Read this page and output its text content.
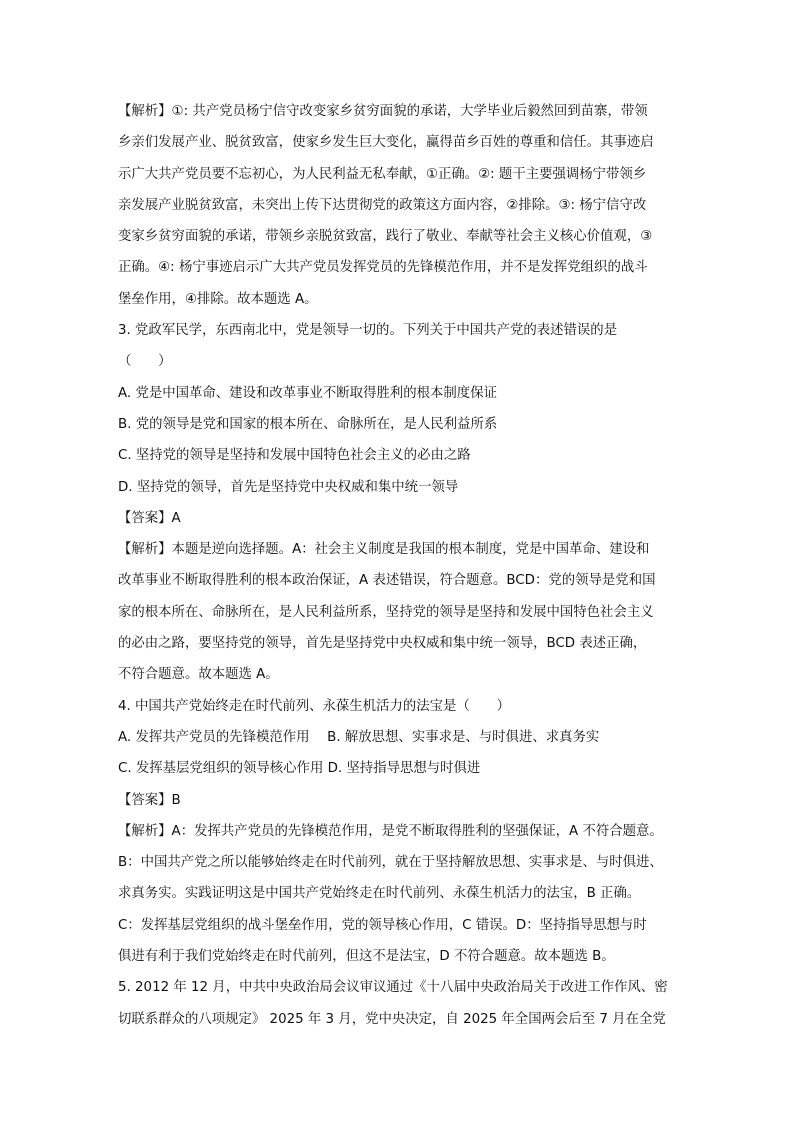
【解析】①: 共产党员杨宁信守改变家乡贫穷面貌的承诺，大学毕业后毅然回到苗寨，带领
乡亲们发展产业、脱贫致富，使家乡发生巨大变化，赢得苗乡百姓的尊重和信任。其事迹启
示广大共产党员要不忘初心，为人民利益无私奉献，①正确。②: 题干主要强调杨宁带领乡
亲发展产业脱贫致富，未突出上传下达贯彻党的政策这方面内容，②排除。③: 杨宁信守改
变家乡贫穷面貌的承诺，带领乡亲脱贫致富，践行了敬业、奉献等社会主义核心价值观，③
正确。④: 杨宁事迹启示广大共产党员发挥党员的先锋模范作用，并不是发挥党组织的战斗
堡垒作用，④排除。故本题选 A。
3. 党政军民学，东西南北中，党是领导一切的。下列关于中国共产党的表述错误的是
（　　）
A. 党是中国革命、建设和改革事业不断取得胜利的根本制度保证
B. 党的领导是党和国家的根本所在、命脉所在，是人民利益所系
C. 坚持党的领导是坚持和发展中国特色社会主义的必由之路
D. 坚持党的领导，首先是坚持党中央权威和集中统一领导
【答案】A
【解析】本题是逆向选择题。A：社会主义制度是我国的根本制度，党是中国革命、建设和
改革事业不断取得胜利的根本政治保证，A 表述错误，符合题意。BCD：党的领导是党和国
家的根本所在、命脉所在，是人民利益所系，坚持党的领导是坚持和发展中国特色社会主义
的必由之路，要坚持党的领导，首先是坚持党中央权威和集中统一领导，BCD 表述正确，
不符合题意。故本题选 A。
4. 中国共产党始终走在时代前列、永葆生机活力的法宝是（　　）
A. 发挥共产党员的先锋模范作用　 B. 解放思想、实事求是、与时俱进、求真务实
C. 发挥基层党组织的领导核心作用 D. 坚持指导思想与时俱进
【答案】B
【解析】A：发挥共产党员的先锋模范作用，是党不断取得胜利的坚强保证，A 不符合题意。
B：中国共产党之所以能够始终走在时代前列，就在于坚持解放思想、实事求是、与时俱进、
求真务实。实践证明这是中国共产党始终走在时代前列、永葆生机活力的法宝，B 正确。
C：发挥基层党组织的战斗堡垒作用，党的领导核心作用，C 错误。D：坚持指导思想与时
俱进有利于我们党始终走在时代前列，但这不是法宝，D 不符合题意。故本题选 B。
5. 2012 年 12 月，中共中央政治局会议审议通过《十八届中央政治局关于改进工作作风、密
切联系群众的八项规定》 2025 年 3 月，党中央决定，自 2025 年全国两会后至 7 月在全党
